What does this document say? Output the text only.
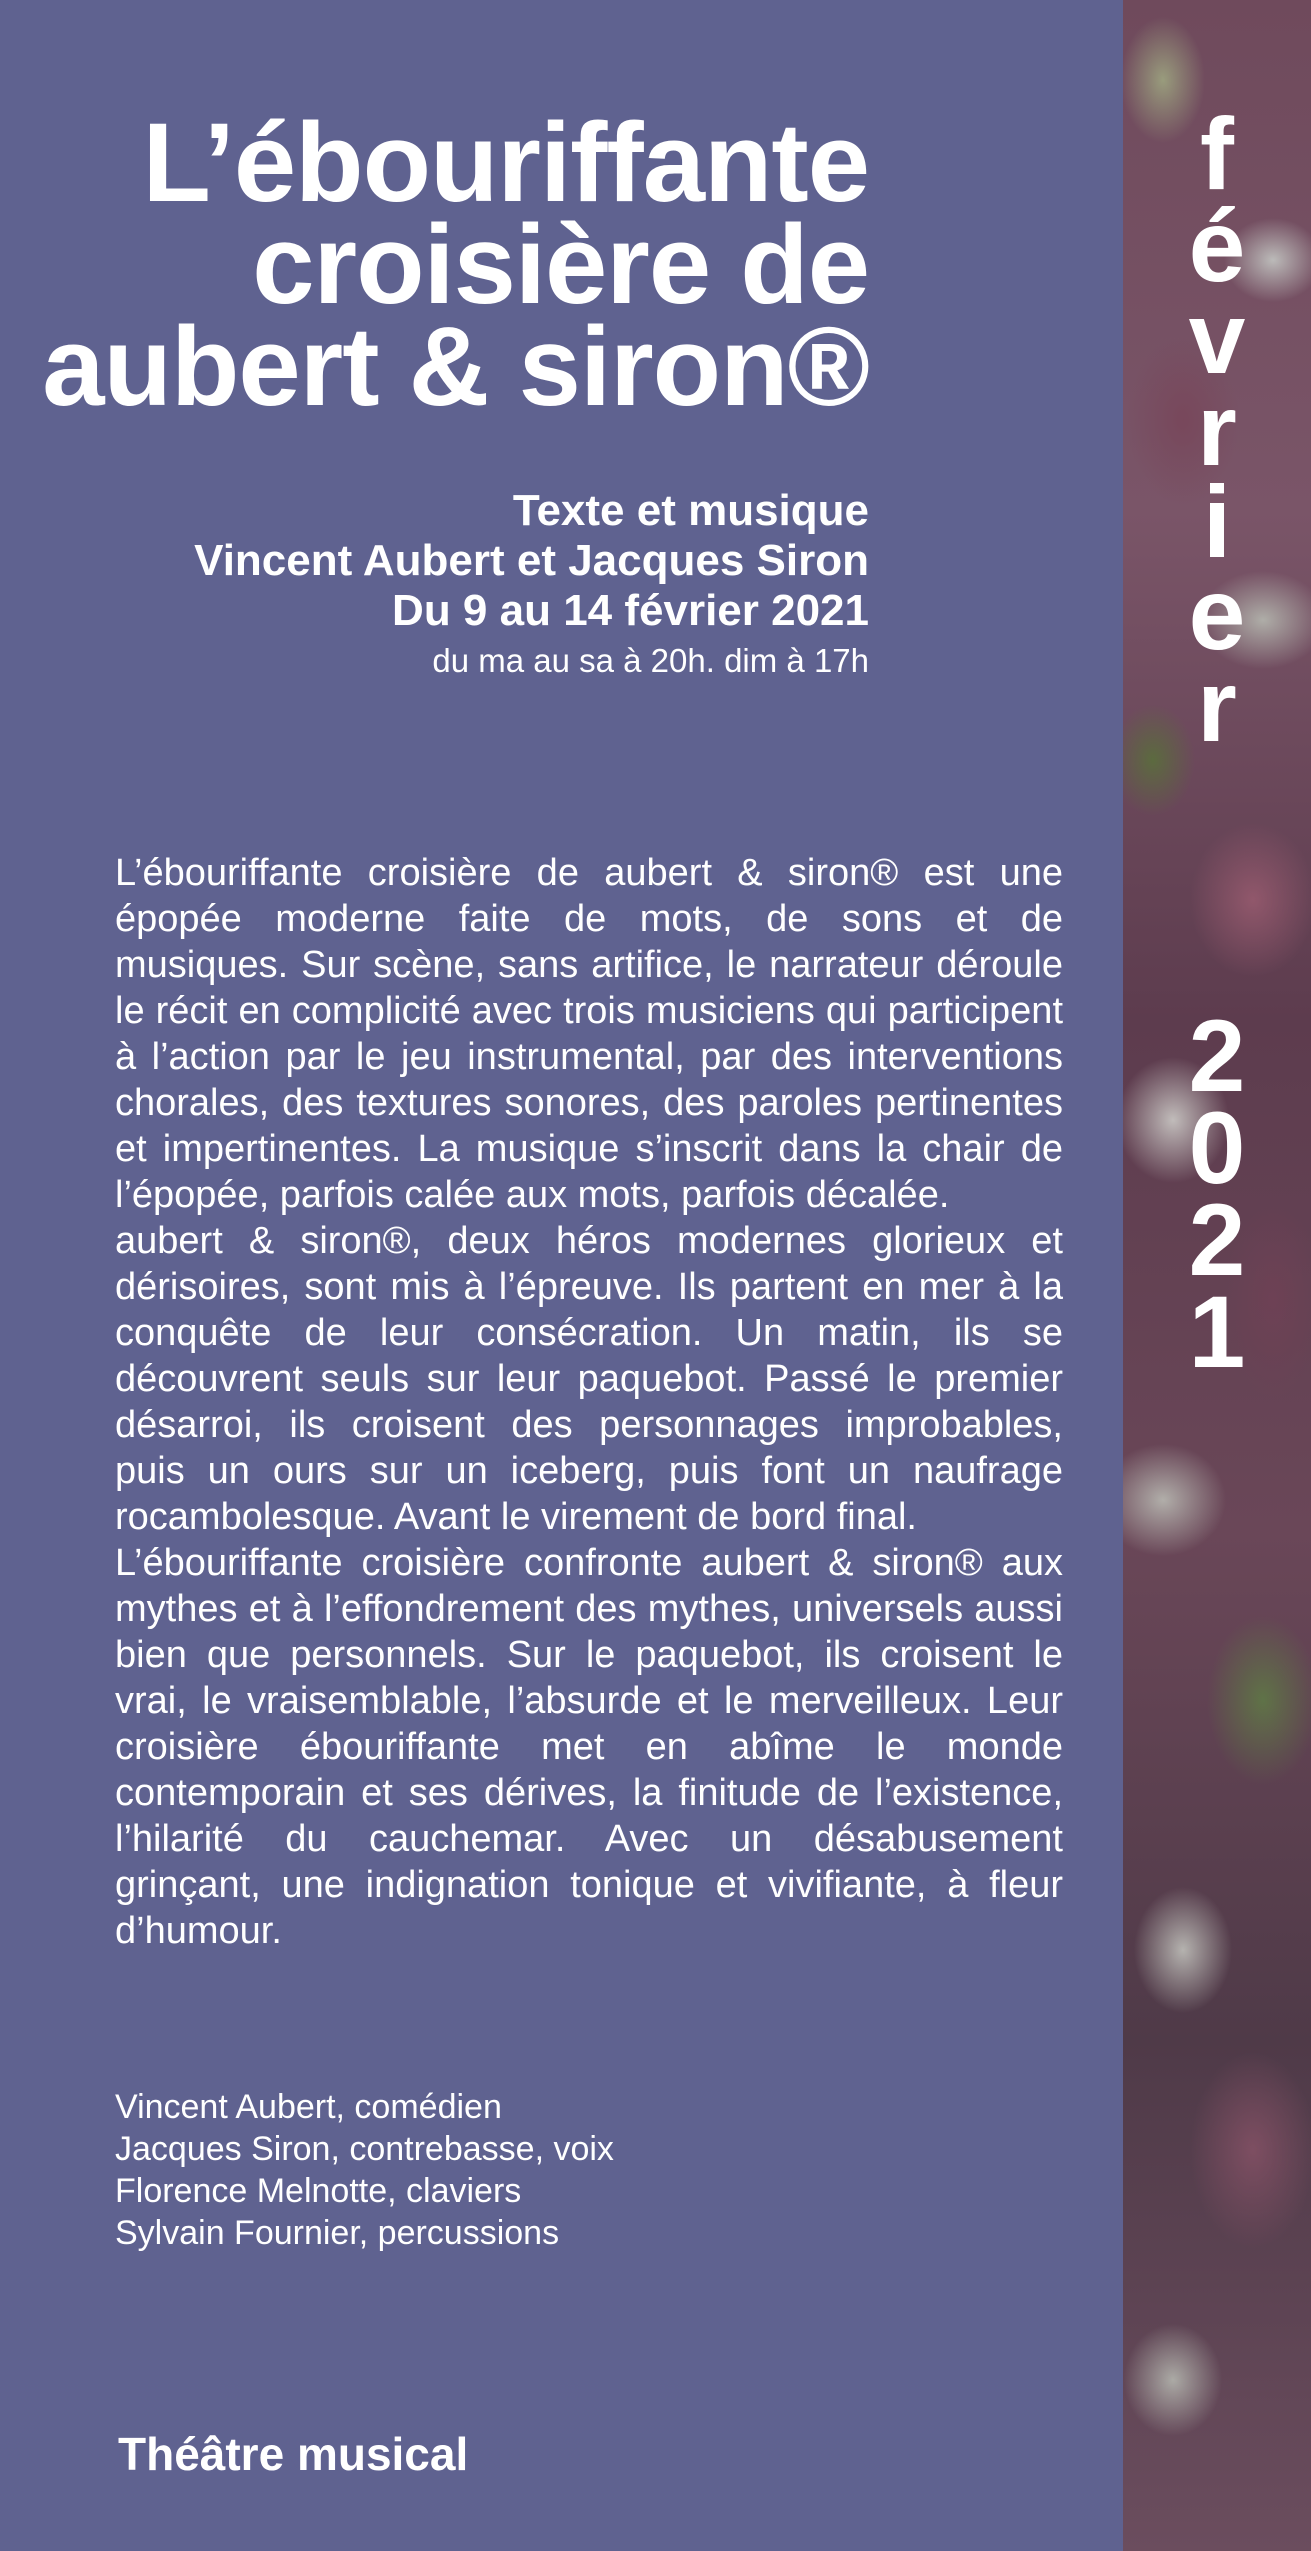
L’ébouriffante
croisière de
aubert & siron®
Texte et musique
Vincent Aubert et Jacques Siron
Du 9 au 14 février 2021
du ma au sa à 20h. dim à 17h

L’ébouriffante croisière de aubert & siron® est une épopée moderne faite de mots, de sons et de musiques. Sur scène, sans artifice, le narrateur déroule le récit en complicité avec trois musiciens qui participent à l’action par le jeu instrumental, par des interventions chorales, des textures sonores, des paroles pertinentes et impertinentes. La musique s’inscrit dans la chair de l’épopée, parfois calée aux mots, parfois décalée.

aubert & siron®, deux héros modernes glorieux et dérisoires, sont mis à l’épreuve. Ils partent en mer à la conquête de leur consécration. Un matin, ils se découvrent seuls sur leur paquebot. Passé le premier désarroi, ils croisent des personnages improbables, puis un ours sur un iceberg, puis font un naufrage rocambolesque. Avant le virement de bord final.

L’ébouriffante croisière confronte aubert & siron® aux mythes et à l’effondrement des mythes, universels aussi bien que personnels. Sur le paquebot, ils croisent le vrai, le vraisemblable, l’absurde et le merveilleux. Leur croisière ébouriffante met en abîme le monde contemporain et ses dérives, la finitude de l’existence, l’hilarité du cauchemar. Avec un désabusement grinçant, une indignation tonique et vivifiante, à fleur d’humour.

Vincent Aubert, comédien
Jacques Siron, contrebasse, voix
Florence Melnotte, claviers
Sylvain Fournier, percussions
Théâtre musical
f
é
v
r
i
e
r
2
0
2
1
